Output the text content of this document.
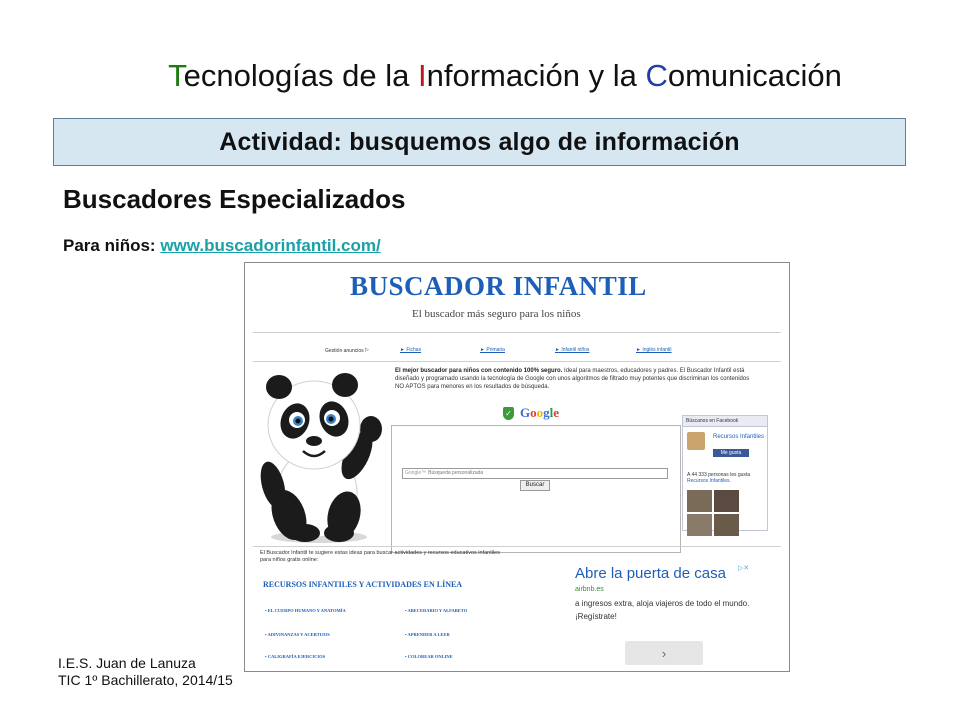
Tecnologías de la Información y la Comunicación
Actividad: busquemos algo de información
Buscadores Especializados
Para niños: www.buscadorinfantil.com/
BUSCADOR INFANTIL
El buscador más seguro para los niños
Gestión anuncios ▷	► Fichas	► Primaria	► Infantil niños	► Inglés infantil
El mejor buscador para niños con contenido 100% seguro. Ideal para maestros, educadores y padres. El Buscador Infantil está diseñado y programado usando la tecnología de Google con unos algoritmos de filtrado muy potentes que discriminan los contenidos NO APTOS para menores en los resultados de búsqueda.
✓ Google
Google™ Búsqueda personalizada
Buscar
Búscanos en Facebook
Recursos Infantiles
Me gusta
A 44 333 personas les gusta
Recursos Infantiles.
El Buscador Infantil te sugiere estas ideas para buscar actividades y recursos educativos infantiles para niños gratis online:
RECURSOS INFANTILES Y ACTIVIDADES EN LÍNEA
• EL CUERPO HUMANO Y ANATOMÍA	• ABECEDARIO Y ALFABETO
• ADIVINANZAS Y ACERTIJOS	• APRENDER A LEER
• CALIGRAFÍA EJERCICIOS	• COLOREAR ONLINE
Abre la puerta de casa	▷✕
airbnb.es
a ingresos extra, aloja viajeros de todo el mundo. ¡Regístrate!
›
I.E.S. Juan de Lanuza
TIC 1º Bachillerato, 2014/15
